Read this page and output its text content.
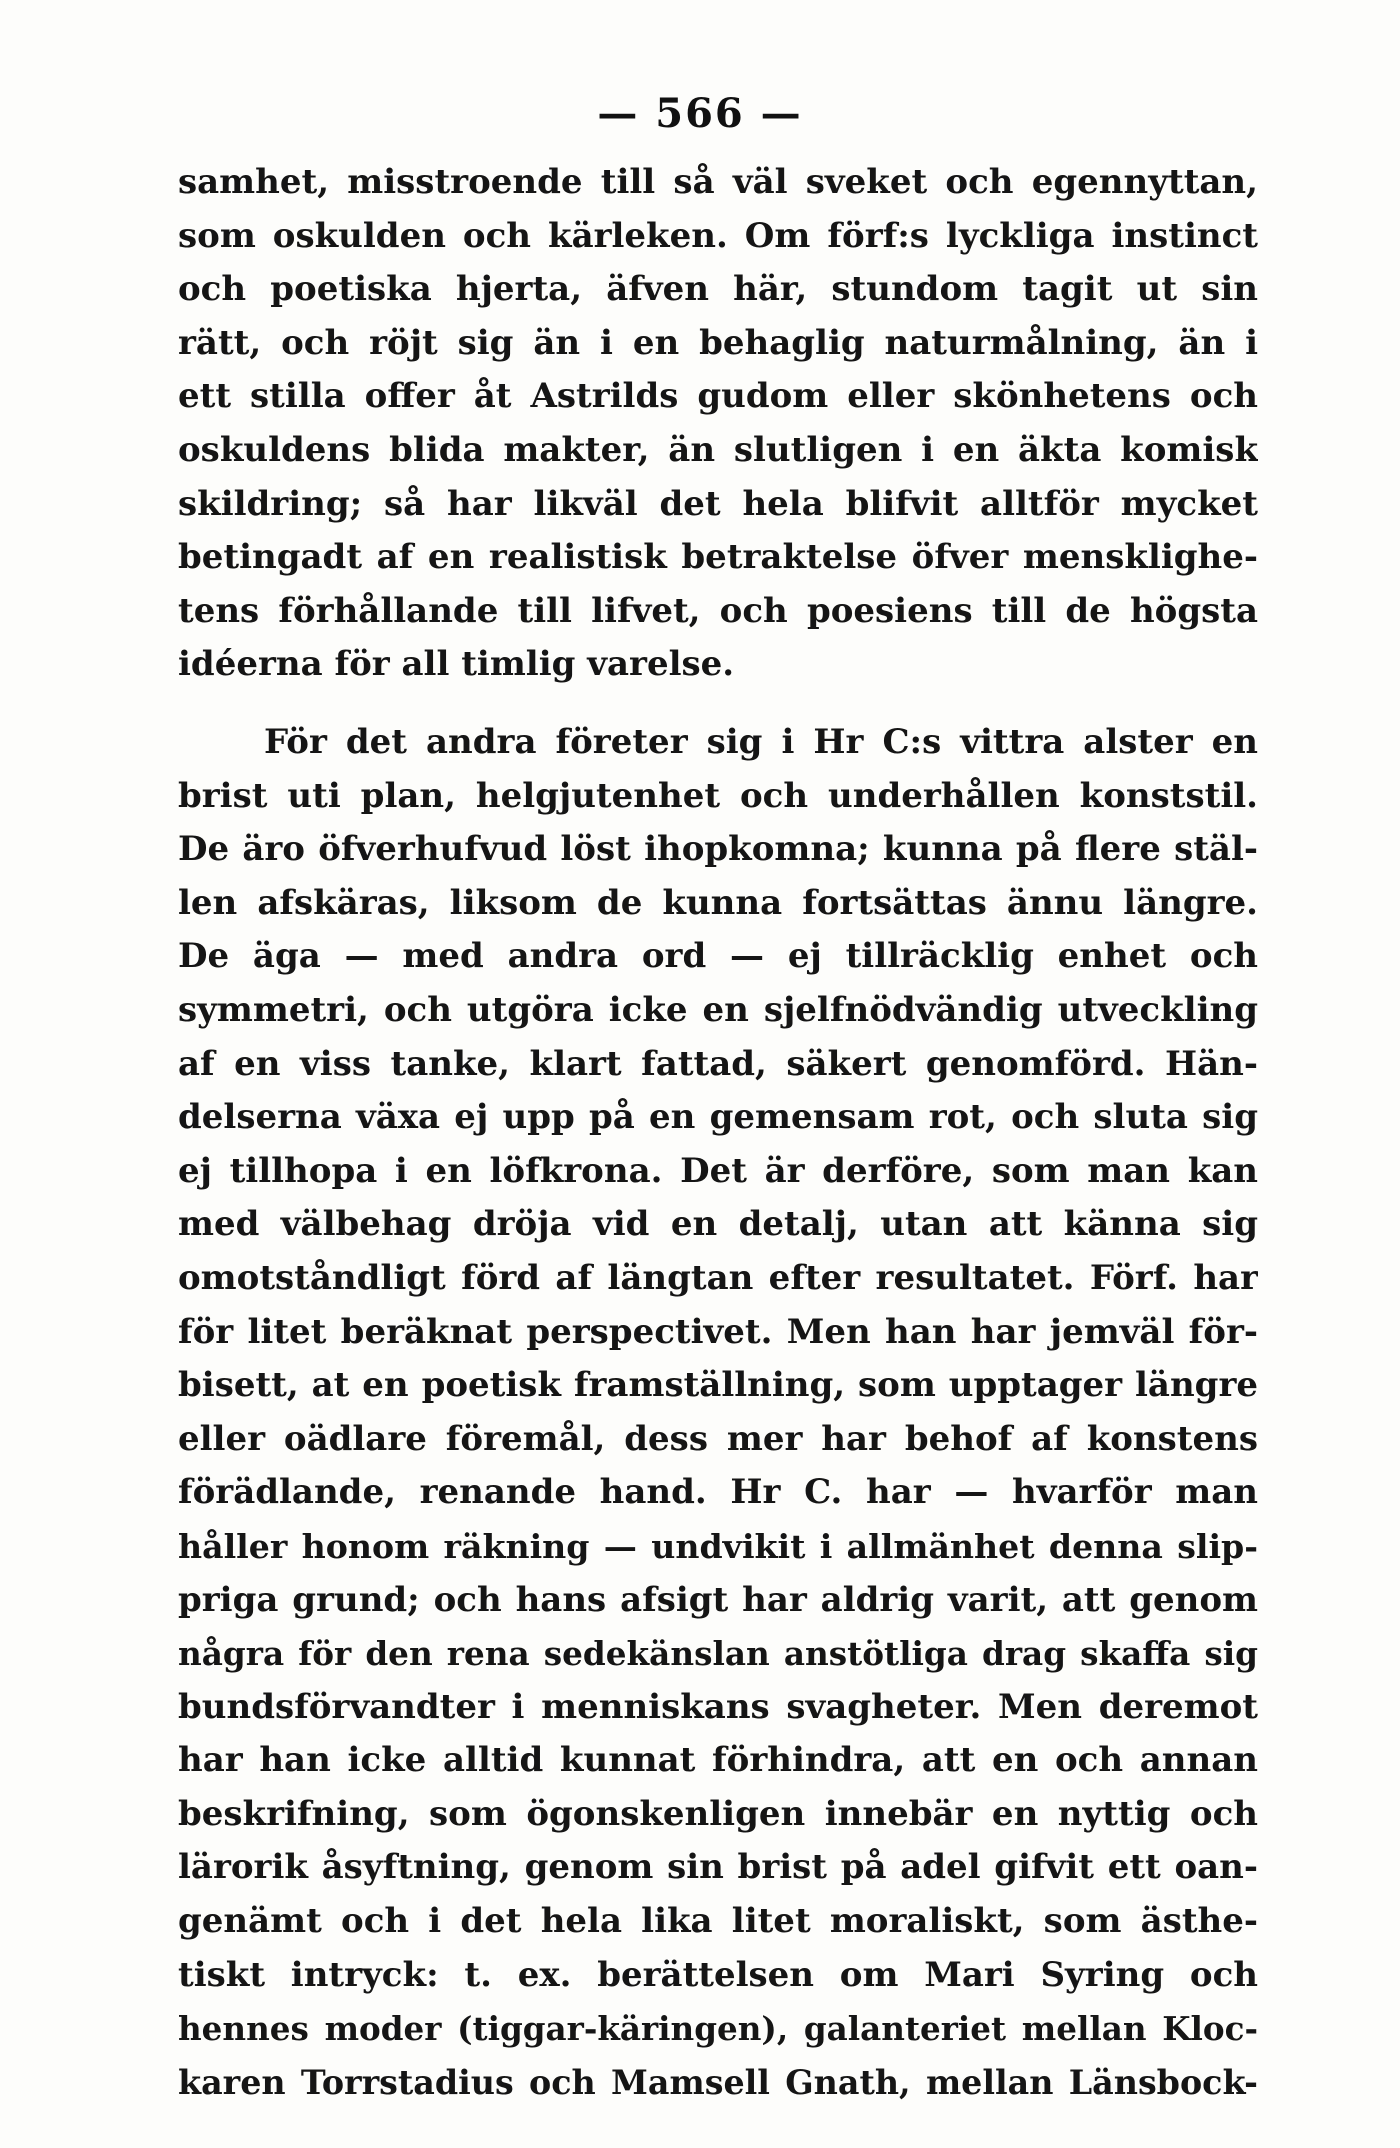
— 566 —
samhet, misstroende till så väl sveket och egennyttan,
som oskulden och kärleken. Om förf:s lyckliga instinct
och poetiska hjerta, äfven här, stundom tagit ut sin
rätt, och röjt sig än i en behaglig naturmålning, än i
ett stilla offer åt Astrilds gudom eller skönhetens och
oskuldens blida makter, än slutligen i en äkta komisk
skildring; så har likväl det hela blifvit alltför mycket
betingadt af en realistisk betraktelse öfver mensklighe-
tens förhållande till lifvet, och poesiens till de högsta
idéerna för all timlig varelse.
För det andra företer sig i Hr C:s vittra alster en
brist uti plan, helgjutenhet och underhållen konststil.
De äro öfverhufvud löst ihopkomna; kunna på flere stäl-
len afskäras, liksom de kunna fortsättas ännu längre.
De äga — med andra ord — ej tillräcklig enhet och
symmetri, och utgöra icke en sjelfnödvändig utveckling
af en viss tanke, klart fattad, säkert genomförd. Hän-
delserna växa ej upp på en gemensam rot, och sluta sig
ej tillhopa i en löfkrona. Det är derföre, som man kan
med välbehag dröja vid en detalj, utan att känna sig
omotståndligt förd af längtan efter resultatet. Förf. har
för litet beräknat perspectivet. Men han har jemväl för-
bisett, at en poetisk framställning, som upptager längre
eller oädlare föremål, dess mer har behof af konstens
förädlande, renande hand. Hr C. har — hvarför man
håller honom räkning — undvikit i allmänhet denna slip-
priga grund; och hans afsigt har aldrig varit, att genom
några för den rena sedekänslan anstötliga drag skaffa sig
bundsförvandter i menniskans svagheter. Men deremot
har han icke alltid kunnat förhindra, att en och annan
beskrifning, som ögonskenligen innebär en nyttig och
lärorik åsyftning, genom sin brist på adel gifvit ett oan-
genämt och i det hela lika litet moraliskt, som ästhe-
tiskt intryck: t. ex. berättelsen om Mari Syring och
hennes moder (tiggar-käringen), galanteriet mellan Kloc-
karen Torrstadius och Mamsell Gnath, mellan Länsbock-
